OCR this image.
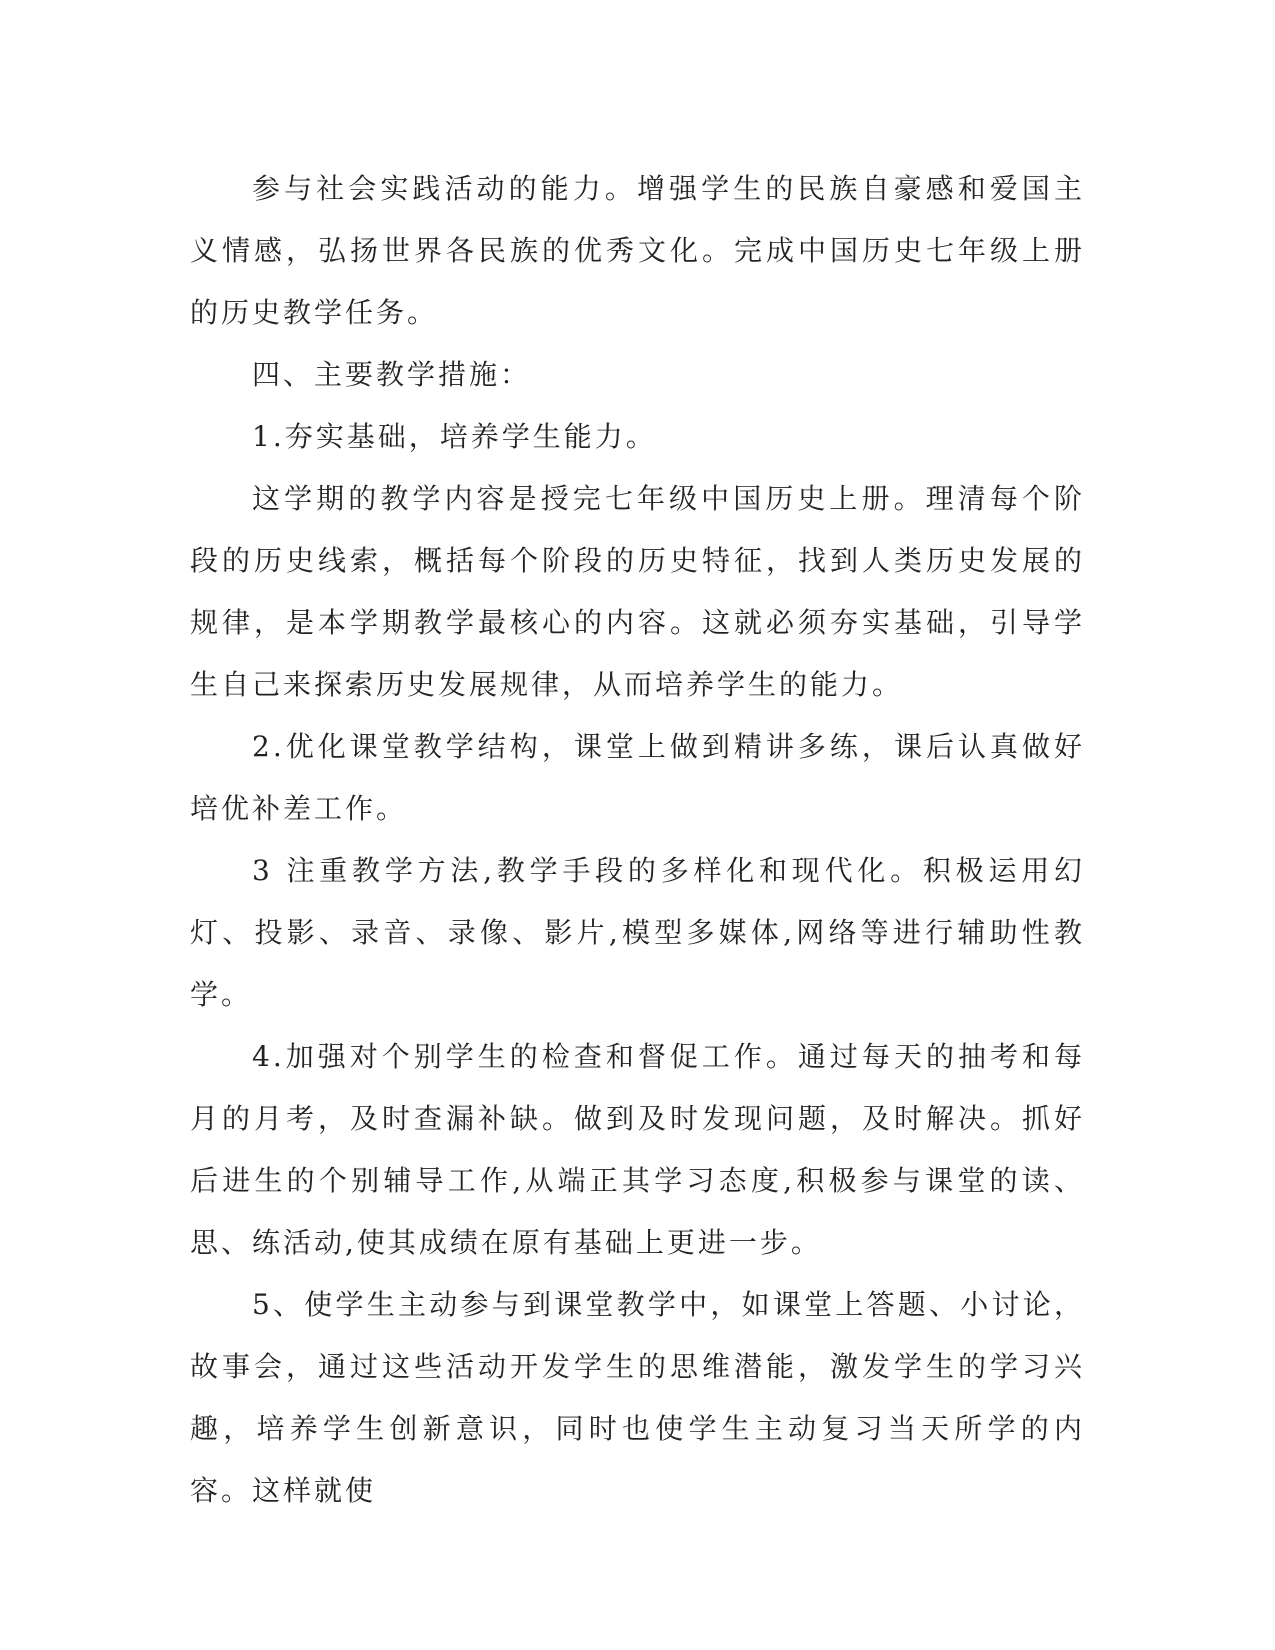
参与社会实践活动的能力。增强学生的民族自豪感和爱国主义情感，弘扬世界各民族的优秀文化。完成中国历史七年级上册的历史教学任务。

四、主要教学措施：

1.夯实基础，培养学生能力。

这学期的教学内容是授完七年级中国历史上册。理清每个阶段的历史线索，概括每个阶段的历史特征，找到人类历史发展的规律，是本学期教学最核心的内容。这就必须夯实基础，引导学生自己来探索历史发展规律，从而培养学生的能力。

2.优化课堂教学结构，课堂上做到精讲多练，课后认真做好培优补差工作。

3 注重教学方法,教学手段的多样化和现代化。积极运用幻灯、投影、录音、录像、影片,模型多媒体,网络等进行辅助性教学。

4.加强对个别学生的检查和督促工作。通过每天的抽考和每月的月考，及时查漏补缺。做到及时发现问题，及时解决。抓好后进生的个别辅导工作,从端正其学习态度,积极参与课堂的读、思、练活动,使其成绩在原有基础上更进一步。

5、使学生主动参与到课堂教学中，如课堂上答题、小讨论，故事会，通过这些活动开发学生的思维潜能，激发学生的学习兴趣，培养学生创新意识，同时也使学生主动复习当天所学的内容。这样就使
